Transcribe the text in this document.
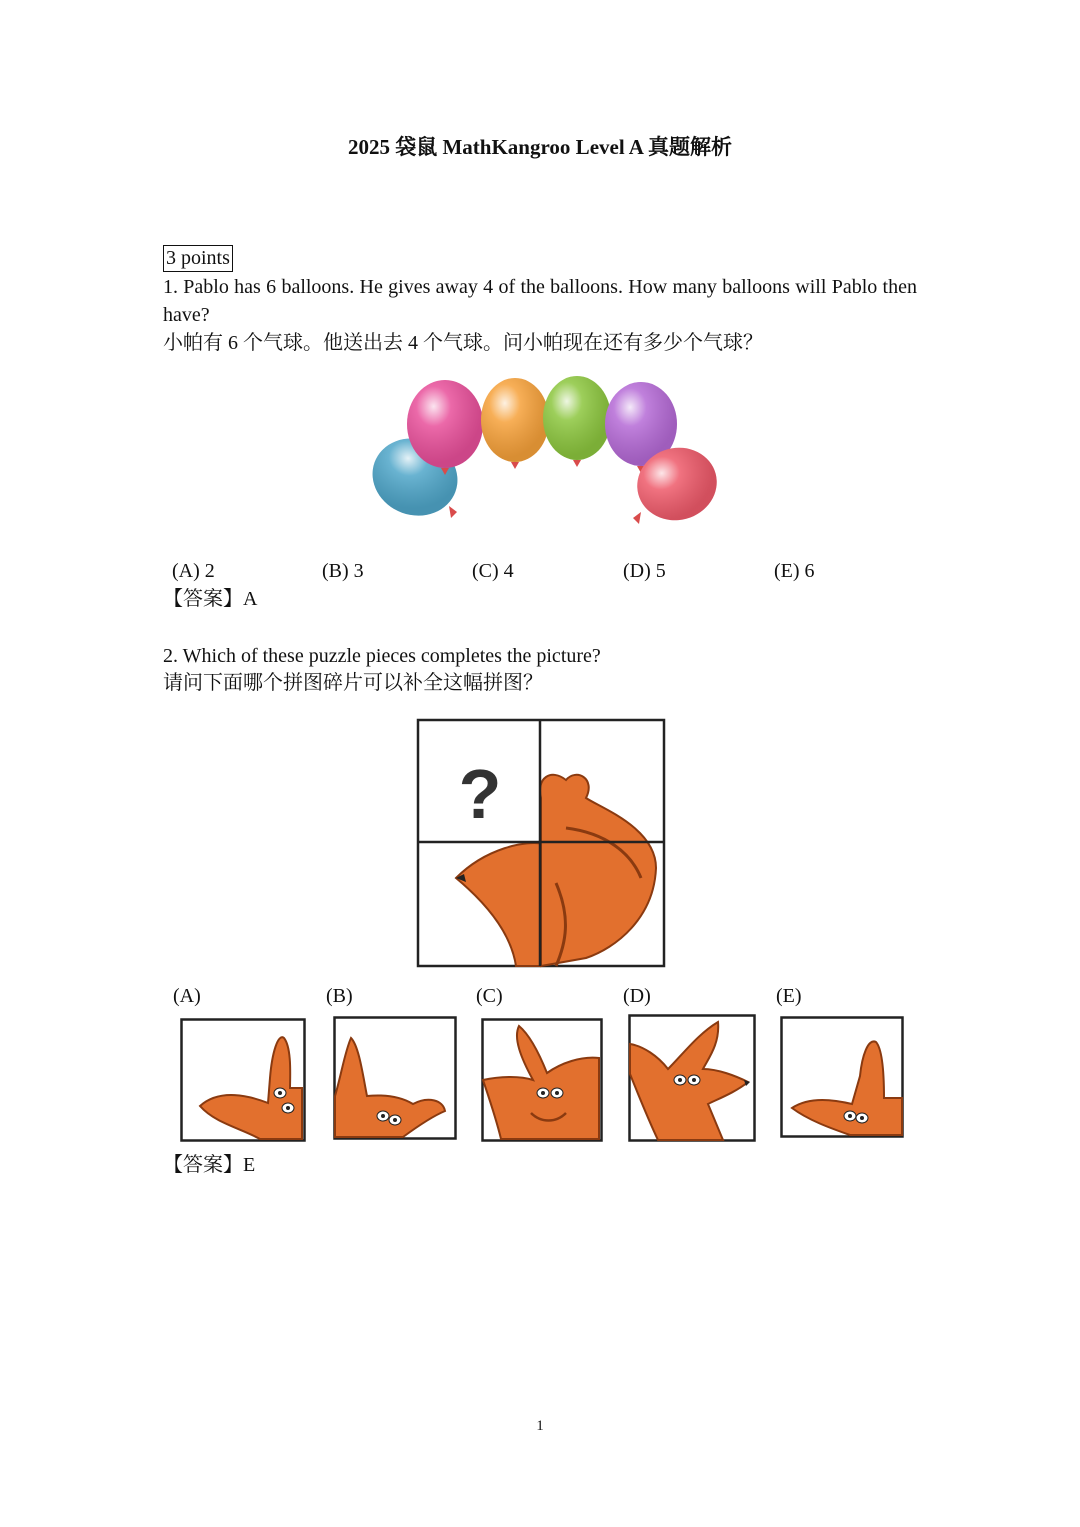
2025 袋鼠 MathKangroo Level A 真题解析
3 points
1. Pablo has 6 balloons. He gives away 4 of the balloons. How many balloons will Pablo then have?
小帕有 6 个气球。他送出去 4 个气球。问小帕现在还有多少个气球？
(A) 2	(B) 3	(C) 4	(D) 5	(E) 6
【答案】A
2. Which of these puzzle pieces completes the picture?
请问下面哪个拼图碎片可以补全这幅拼图？
?
(A)	(B)	(C)	(D)	(E)
【答案】E
1
